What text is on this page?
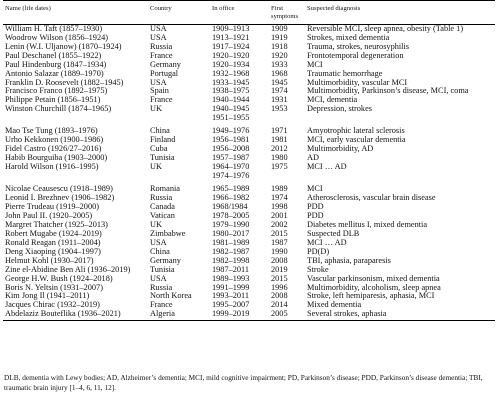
Name (life dates)	Country	In office	First symptoms	Suspected diagnosis
William H. Taft (1857–1930)	USA	1909–1913	1909	Reversible MCI, sleep apnea, obesity (Table 1)
Woodrow Wilson (1856–1924)	USA	1913–1921	1919	Strokes, mixed dementia
Lenin (W.I. Uljanow) (1870–1924)	Russia	1917–1924	1918	Trauma, strokes, neurosyphilis
Paul Deschanel (1855–1922)	France	1920–1920	1920	Frontotemporal degeneration
Paul Hindenburg (1847–1934)	Germany	1920–1934	1933	MCI
Antonio Salazar (1889–1970)	Portugal	1932–1968	1968	Traumatic hemorrhage
Franklin D. Roosevelt (1882–1945)	USA	1933–1945	1945	Multimorbidity, vascular MCI
Francisco Franco (1892–1975)	Spain	1938–1975	1974	Multimorbidity, Parkinson’s disease, MCI, coma
Philippe Petain (1856–1951)	France	1940–1944	1931	MCI, dementia
Winston Churchill (1874–1965)	UK	1940–1945	1953	Depression, strokes
		1951–1955		

Mao Tse Tung (1893–1976)	China	1949–1976	1971	Amyotrophic lateral sclerosis
Urho Kekkonen (1900–1986)	Finland	1956–1981	1981	MCI, early vascular dementia
Fidel Castro (1926/27–2016)	Cuba	1956–2008	2012	Multimorbidity, AD
Habib Bourguiba (1903–2000)	Tunisia	1957–1987	1980	AD
Harold Wilson (1916–1995)	UK	1964–1970	1975	MCI … AD
		1974–1976		

Nicolae Ceausescu (1918–1989)	Romania	1965–1989	1989	MCI
Leonid I. Brezhnev (1906–1982)	Russia	1966–1982	1974	Atherosclerosis, vascular brain disease
Pierre Trudeau (1919–2000)	Canada	1968/1984	1998	PDD
John Paul II. (1920–2005)	Vatican	1978–2005	2001	PDD
Margret Thatcher (1925–2013)	UK	1979–1990	2002	Diabetes mellitus I, mixed dementia
Robert Mugabe (1924–2019)	Zimbabwe	1980–2017	2015	Suspected DLB
Ronald Reagan (1911–2004)	USA	1981–1989	1987	MCI … AD
Deng Xiaoping (1904–1997)	China	1982–1987	1990	PD(D)
Helmut Kohl (1930–2017)	Germany	1982–1998	2008	TBI, aphasia, paraparesis
Zine el-Abidine Ben Ali (1936–2019)	Tunisia	1987–2011	2019	Stroke
George H.W. Bush (1924–2018)	USA	1989–1993	2015	Vascular parkinsonism, mixed dementia
Boris N. Yeltsin (1931–2007)	Russia	1991–1999	1996	Multimorbidity, alcoholism, sleep apnea
Kim Jong Il (1941–2011)	North Korea	1993–2011	2008	Stroke, left hemiparesis, aphasia, MCI
Jacques Chirac (1932–2019)	France	1995–2007	2014	Mixed dementia
Abdelaziz Bouteflika (1936–2021)	Algeria	1999–2019	2005	Several strokes, aphasia
DLB, dementia with Lewy bodies; AD, Alzheimer’s dementia; MCI, mild cognitive impairment; PD, Parkinson’s disease; PDD, Parkinson’s disease dementia; TBI, traumatic brain injury [1–4, 6, 11, 12].
